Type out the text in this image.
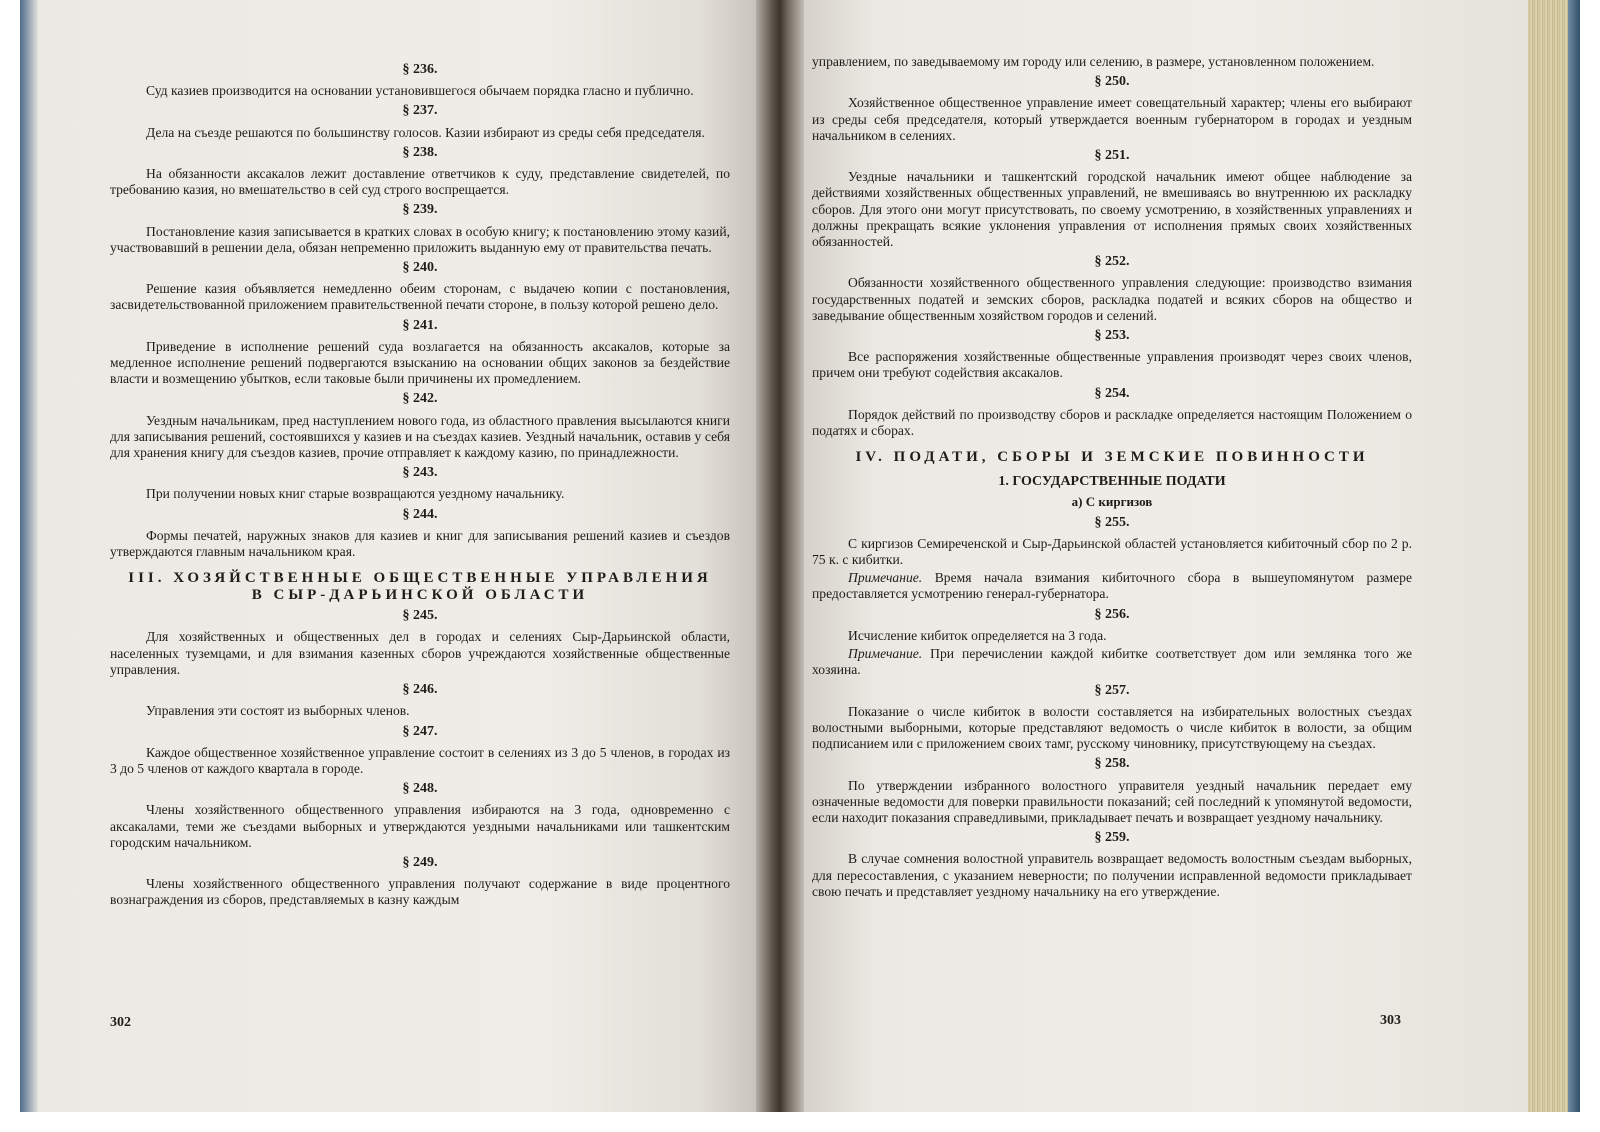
§ 236.

Суд казиев производится на основании установившегося обычаем порядка гласно и публично.

§ 237.

Дела на съезде решаются по большинству голосов. Казии избирают из среды себя председателя.

§ 238.

На обязанности аксакалов лежит доставление ответчиков к суду, представление свидетелей, по требованию казия, но вмешательство в сей суд строго воспрещается.

§ 239.

Постановление казия записывается в кратких словах в особую книгу; к постановлению этому казий, участвовавший в решении дела, обязан непременно приложить выданную ему от правительства печать.

§ 240.

Решение казия объявляется немедленно обеим сторонам, с выдачею копии с постановления, засвидетельствованной приложением правительственной печати стороне, в пользу которой решено дело.

§ 241.

Приведение в исполнение решений суда возлагается на обязанность аксакалов, которые за медленное исполнение решений подвергаются взысканию на основании общих законов за бездействие власти и возмещению убытков, если таковые были причинены их промедлением.

§ 242.

Уездным начальникам, пред наступлением нового года, из областного правления высылаются книги для записывания решений, состоявшихся у казиев и на съездах казиев. Уездный начальник, оставив у себя для хранения книгу для съездов казиев, прочие отправляет к каждому казию, по принадлежности.

§ 243.

При получении новых книг старые возвращаются уездному начальнику.

§ 244.

Формы печатей, наружных знаков для казиев и книг для записывания решений казиев и съездов утверждаются главным начальником края.

III. ХОЗЯЙСТВЕННЫЕ ОБЩЕСТВЕННЫЕ УПРАВЛЕНИЯ
В СЫР-ДАРЬИНСКОЙ ОБЛАСТИ
§ 245.

Для хозяйственных и общественных дел в городах и селениях Сыр-Дарьинской области, населенных туземцами, и для взимания казенных сборов учреждаются хозяйственные общественные управления.

§ 246.

Управления эти состоят из выборных членов.

§ 247.

Каждое общественное хозяйственное управление состоит в селениях из 3 до 5 членов, в городах из 3 до 5 членов от каждого квартала в городе.

§ 248.

Члены хозяйственного общественного управления избираются на 3 года, одновременно с аксакалами, теми же съездами выборных и утверждаются уездными начальниками или ташкентским городским начальником.

§ 249.

Члены хозяйственного общественного управления получают содержание в виде процентного вознаграждения из сборов, представляемых в казну каждым

302

управлением, по заведываемому им городу или селению, в размере, установленном положением.

§ 250.

Хозяйственное общественное управление имеет совещательный характер; члены его выбирают из среды себя председателя, который утверждается военным губернатором в городах и уездным начальником в селениях.

§ 251.

Уездные начальники и ташкентский городской начальник имеют общее наблюдение за действиями хозяйственных общественных управлений, не вмешиваясь во внутреннюю их раскладку сборов. Для этого они могут присутствовать, по своему усмотрению, в хозяйственных управлениях и должны прекращать всякие уклонения управления от исполнения прямых своих хозяйственных обязанностей.

§ 252.

Обязанности хозяйственного общественного управления следующие: производство взимания государственных податей и земских сборов, раскладка податей и всяких сборов на общество и заведывание общественным хозяйством городов и селений.

§ 253.

Все распоряжения хозяйственные общественные управления производят через своих членов, причем они требуют содействия аксакалов.

§ 254.

Порядок действий по производству сборов и раскладке определяется настоящим Положением о податях и сборах.

IV. ПОДАТИ, СБОРЫ И ЗЕМСКИЕ ПОВИННОСТИ
1. ГОСУДАРСТВЕННЫЕ ПОДАТИ
а) С киргизов
§ 255.

С киргизов Семиреченской и Сыр-Дарьинской областей установляется кибиточный сбор по 2 р. 75 к. с кибитки.

Примечание. Время начала взимания кибиточного сбора в вышеупомянутом размере предоставляется усмотрению генерал-губернатора.

§ 256.

Исчисление кибиток определяется на 3 года.

Примечание. При перечислении каждой кибитке соответствует дом или землянка того же хозяина.

§ 257.

Показание о числе кибиток в волости составляется на избирательных волостных съездах волостными выборными, которые представляют ведомость о числе кибиток в волости, за общим подписанием или с приложением своих тамг, русскому чиновнику, присутствующему на съездах.

§ 258.

По утверждении избранного волостного управителя уездный начальник передает ему означенные ведомости для поверки правильности показаний; сей последний к упомянутой ведомости, если находит показания справедливыми, прикладывает печать и возвращает уездному начальнику.

§ 259.

В случае сомнения волостной управитель возвращает ведомость волостным съездам выборных, для пересоставления, с указанием неверности; по получении исправленной ведомости прикладывает свою печать и представляет уездному начальнику на его утверждение.

303
